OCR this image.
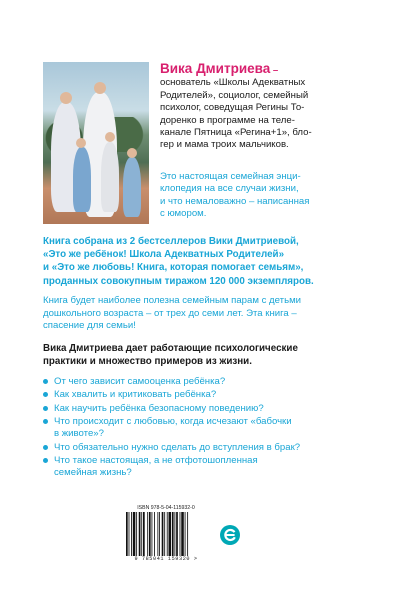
Вика Дмитриева –
основатель «Школы Адекватных
Родителей», социолог, семейный
психолог, соведущая Регины То-
доренко в программе на теле-
канале Пятница «Регина+1», бло-
гер и мама троих мальчиков.
Это настоящая семейная энци-
клопедия на все случаи жизни,
и что немаловажно – написанная
с юмором.
Книга собрана из 2 бестселлеров Вики Дмитриевой,
«Это же ребёнок! Школа Адекватных Родителей»
и «Это же любовь! Книга, которая помогает семьям»,
проданных совокупным тиражом 120 000 экземпляров.
Книга будет наиболее полезна семейным парам с детьми
дошкольного возраста – от трех до семи лет. Эта книга –
спасение для семьи!
Вика Дмитриева дает работающие психологические
практики и множество примеров из жизни.
От чего зависит самооценка ребёнка?
Как хвалить и критиковать ребёнка?
Как научить ребёнка безопасному поведению?
Что происходит с любовью, когда исчезают «бабочки
в животе»?
Что обязательно нужно сделать до вступления в брак?
Что такое настоящая, а не отфотошопленная
семейная жизнь?
ISBN 978-5-04-115932-0
9 785041 159320 >
